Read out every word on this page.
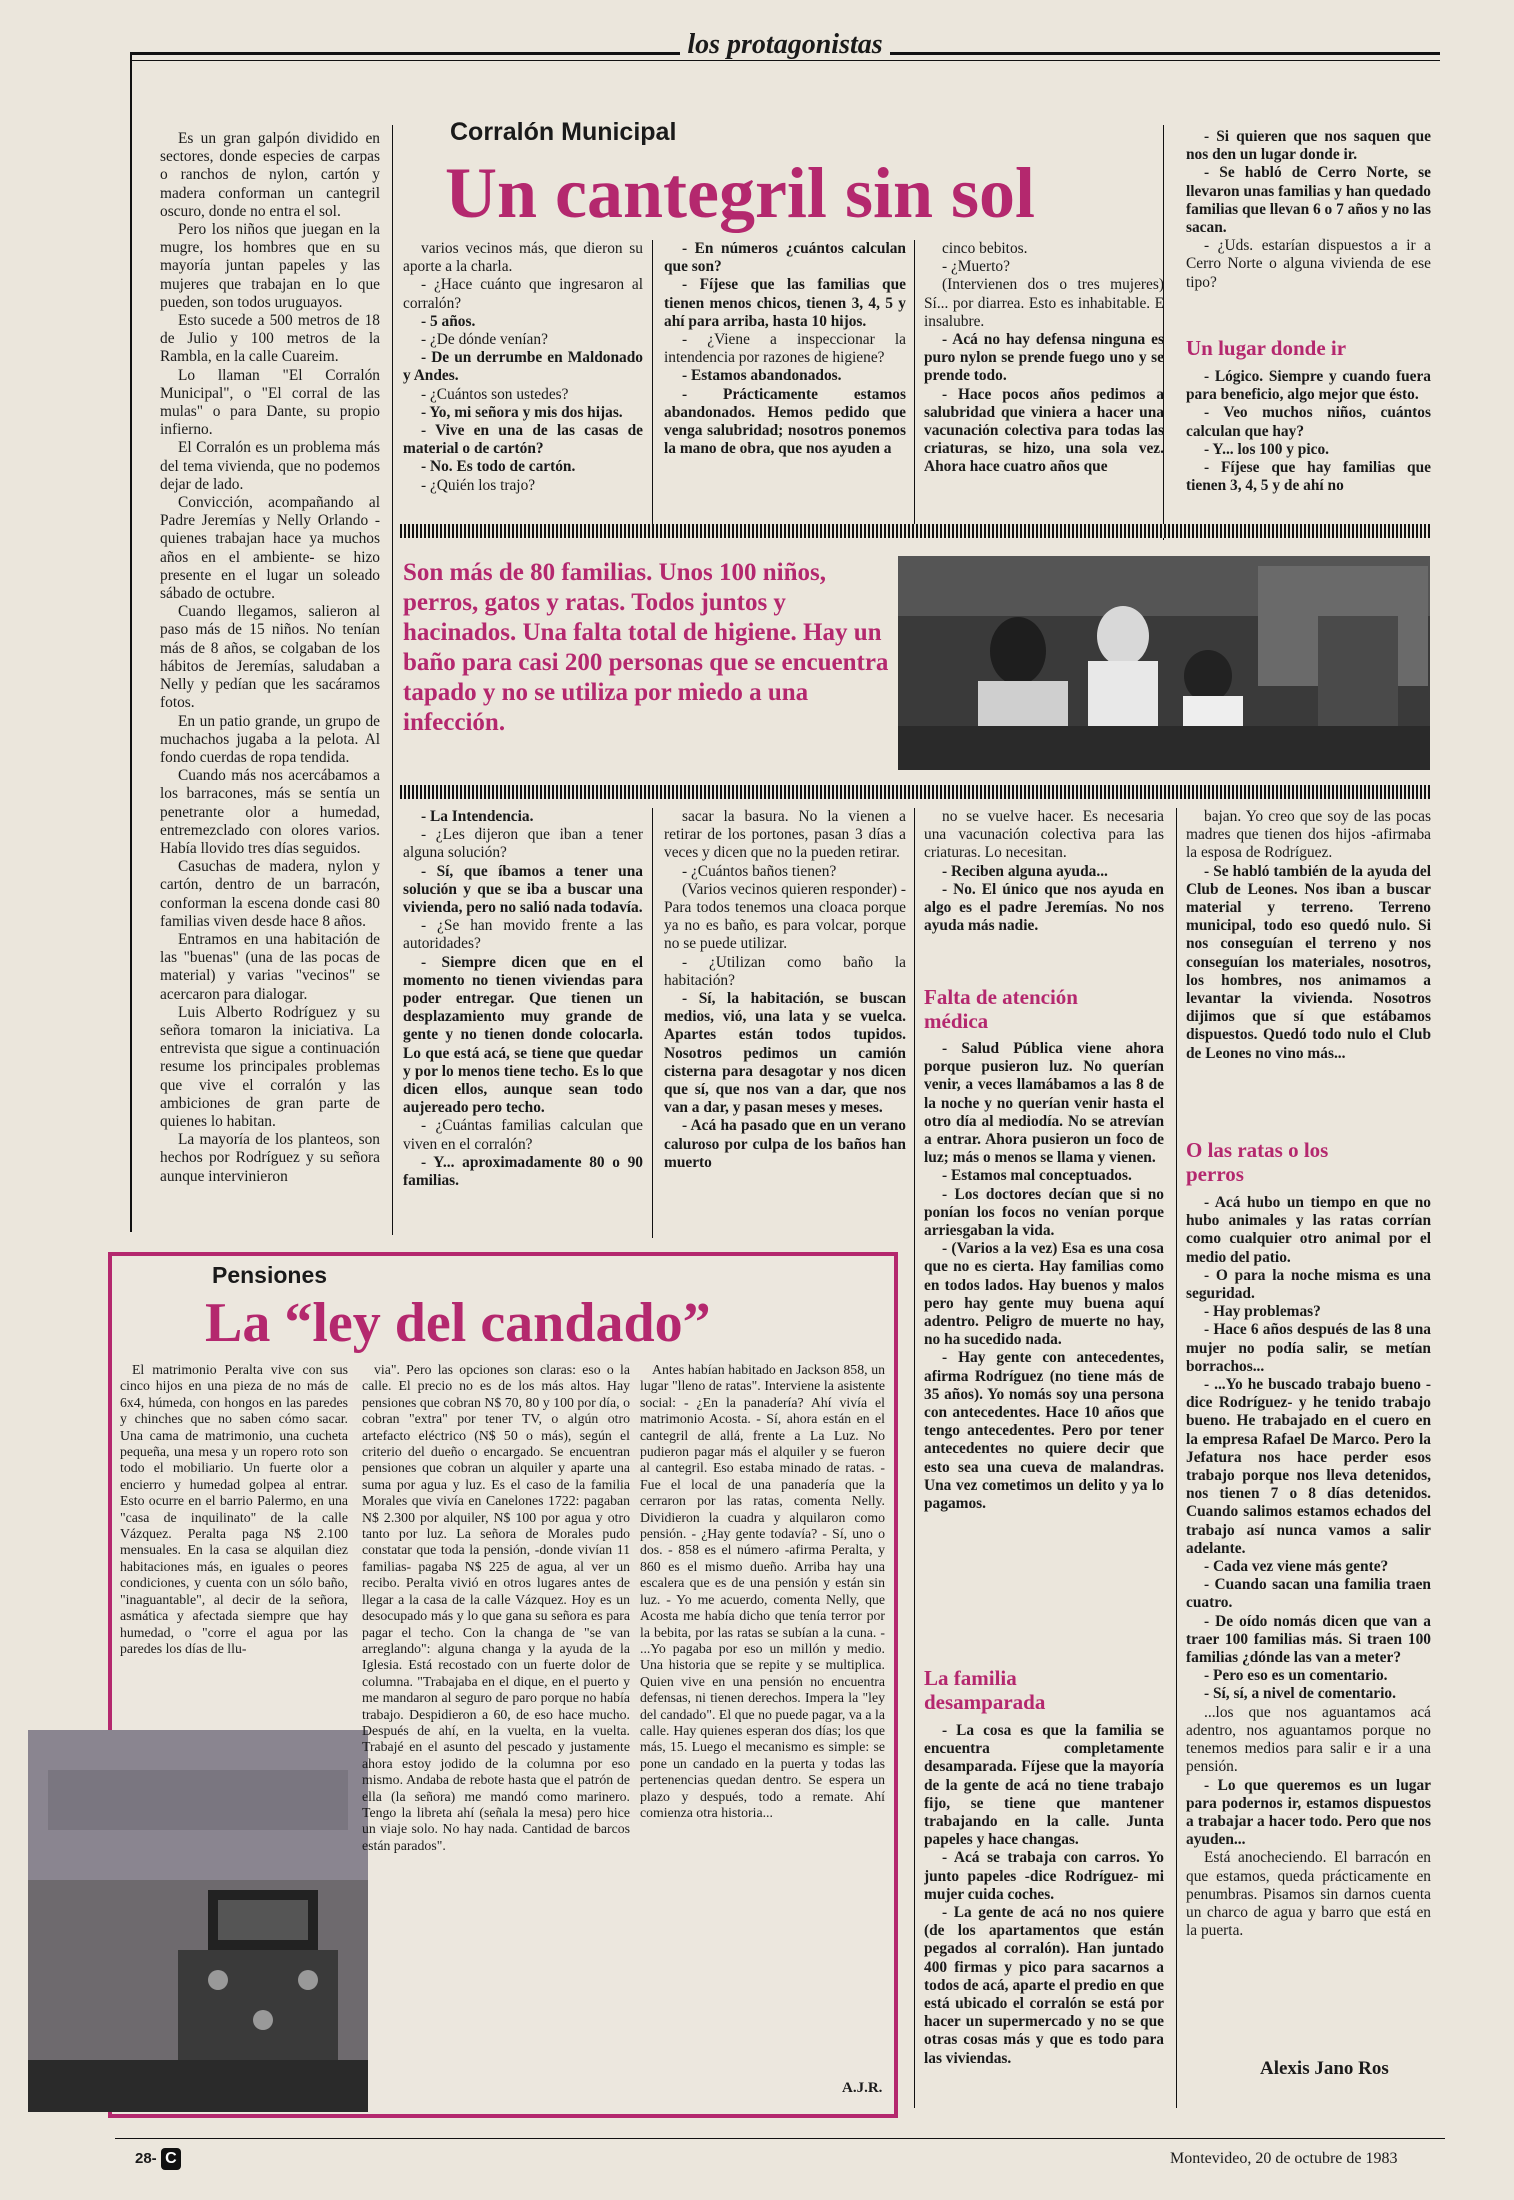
los protagonistas

Es un gran galpón dividido en sectores, donde especies de carpas o ranchos de nylon, cartón y madera conforman un cantegril oscuro, donde no entra el sol.

Pero los niños que juegan en la mugre, los hombres que en su mayoría juntan papeles y las mujeres que trabajan en lo que pueden, son todos uruguayos.

Esto sucede a 500 metros de 18 de Julio y 100 metros de la Rambla, en la calle Cuareim.

Lo llaman "El Corralón Municipal", o "El corral de las mulas" o para Dante, su propio infierno.

El Corralón es un problema más del tema vivienda, que no podemos dejar de lado.

Convicción, acompañando al Padre Jeremías y Nelly Orlando -quienes trabajan hace ya muchos años en el ambiente- se hizo presente en el lugar un soleado sábado de octubre.

Cuando llegamos, salieron al paso más de 15 niños. No tenían más de 8 años, se colgaban de los hábitos de Jeremías, saludaban a Nelly y pedían que les sacáramos fotos.

En un patio grande, un grupo de muchachos jugaba a la pelota. Al fondo cuerdas de ropa tendida.

Cuando más nos acercábamos a los barracones, más se sentía un penetrante olor a humedad, entremezclado con olores varios. Había llovido tres días seguidos.

Casuchas de madera, nylon y cartón, dentro de un barracón, conforman la escena donde casi 80 familias viven desde hace 8 años.

Entramos en una habitación de las "buenas" (una de las pocas de material) y varias "vecinos" se acercaron para dialogar.

Luis Alberto Rodríguez y su señora tomaron la iniciativa. La entrevista que sigue a continuación resume los principales problemas que vive el corralón y las ambiciones de gran parte de quienes lo habitan.

La mayoría de los planteos, son hechos por Rodríguez y su señora aunque intervinieron

Corralón Municipal
Un cantegril sin sol

varios vecinos más, que dieron su aporte a la charla.

- ¿Hace cuánto que ingresaron al corralón?

- 5 años.

- ¿De dónde venían?

- De un derrumbe en Maldonado y Andes.

- ¿Cuántos son ustedes?

- Yo, mi señora y mis dos hijas.

- Vive en una de las casas de material o de cartón?

- No. Es todo de cartón.

- ¿Quién los trajo?

- En números ¿cuántos calculan que son?

- Fíjese que las familias que tienen menos chicos, tienen 3, 4, 5 y ahí para arriba, hasta 10 hijos.

- ¿Viene a inspeccionar la intendencia por razones de higiene?

- Estamos abandonados.

- Prácticamente estamos abandonados. Hemos pedido que venga salubridad; nosotros ponemos la mano de obra, que nos ayuden a

cinco bebitos.

- ¿Muerto?

(Intervienen dos o tres mujeres) Sí... por diarrea. Esto es inhabitable. E insalubre.

- Acá no hay defensa ninguna es puro nylon se prende fuego uno y se prende todo.

- Hace pocos años pedimos a salubridad que viniera a hacer una vacunación colectiva para todas las criaturas, se hizo, una sola vez. Ahora hace cuatro años que

- Si quieren que nos saquen que nos den un lugar donde ir.

- Se habló de Cerro Norte, se llevaron unas familias y han quedado familias que llevan 6 o 7 años y no las sacan.

- ¿Uds. estarían dispuestos a ir a Cerro Norte o alguna vivienda de ese tipo?

Un lugar donde ir

- Lógico. Siempre y cuando fuera para beneficio, algo mejor que ésto.

- Veo muchos niños, cuántos calculan que hay?

- Y... los 100 y pico.

- Fíjese que hay familias que tienen 3, 4, 5 y de ahí no

Son más de 80 familias. Unos 100 niños, perros, gatos y ratas. Todos juntos y hacinados. Una falta total de higiene. Hay un baño para casi 200 personas que se encuentra tapado y no se utiliza por miedo a una infección.

- La Intendencia.

- ¿Les dijeron que iban a tener alguna solución?

- Sí, que íbamos a tener una solución y que se iba a buscar una vivienda, pero no salió nada todavía.

- ¿Se han movido frente a las autoridades?

- Siempre dicen que en el momento no tienen viviendas para poder entregar. Que tienen un desplazamiento muy grande de gente y no tienen donde colocarla. Lo que está acá, se tiene que quedar y por lo menos tiene techo. Es lo que dicen ellos, aunque sean todo aujereado pero techo.

- ¿Cuántas familias calculan que viven en el corralón?

- Y... aproximadamente 80 o 90 familias.

sacar la basura. No la vienen a retirar de los portones, pasan 3 días a veces y dicen que no la pueden retirar.

- ¿Cuántos baños tienen?

(Varios vecinos quieren responder) -Para todos tenemos una cloaca porque ya no es baño, es para volcar, porque no se puede utilizar.

- ¿Utilizan como baño la habitación?

- Sí, la habitación, se buscan medios, vió, una lata y se vuelca. Apartes están todos tupidos. Nosotros pedimos un camión cisterna para desagotar y nos dicen que sí, que nos van a dar, que nos van a dar, y pasan meses y meses.

- Acá ha pasado que en un verano caluroso por culpa de los baños han muerto

no se vuelve hacer. Es necesaria una vacunación colectiva para las criaturas. Lo necesitan.

- Reciben alguna ayuda...

- No. El único que nos ayuda en algo es el padre Jeremías. No nos ayuda más nadie.

Falta de atención médica

- Salud Pública viene ahora porque pusieron luz. No querían venir, a veces llamábamos a las 8 de la noche y no querían venir hasta el otro día al mediodía. No se atrevían a entrar. Ahora pusieron un foco de luz; más o menos se llama y vienen.

- Estamos mal conceptuados.

- Los doctores decían que si no ponían los focos no venían porque arriesgaban la vida.

- (Varios a la vez) Esa es una cosa que no es cierta. Hay familias como en todos lados. Hay buenos y malos pero hay gente muy buena aquí adentro. Peligro de muerte no hay, no ha sucedido nada.

- Hay gente con antecedentes, afirma Rodríguez (no tiene más de 35 años). Yo nomás soy una persona con antecedentes. Hace 10 años que tengo antecedentes. Pero por tener antecedentes no quiere decir que esto sea una cueva de malandras. Una vez cometimos un delito y ya lo pagamos.

La familia desamparada

- La cosa es que la familia se encuentra completamente desamparada. Fíjese que la mayoría de la gente de acá no tiene trabajo fijo, se tiene que mantener trabajando en la calle. Junta papeles y hace changas.

- Acá se trabaja con carros. Yo junto papeles -dice Rodríguez- mi mujer cuida coches.

- La gente de acá no nos quiere (de los apartamentos que están pegados al corralón). Han juntado 400 firmas y pico para sacarnos a todos de acá, aparte el predio en que está ubicado el corralón se está por hacer un supermercado y no se que otras cosas más y que es todo para las viviendas.

bajan. Yo creo que soy de las pocas madres que tienen dos hijos -afirmaba la esposa de Rodríguez.

- Se habló también de la ayuda del Club de Leones. Nos iban a buscar material y terreno. Terreno municipal, todo eso quedó nulo. Si nos conseguían el terreno y nos conseguían los materiales, nosotros, los hombres, nos animamos a levantar la vivienda. Nosotros dijimos que sí que estábamos dispuestos. Quedó todo nulo el Club de Leones no vino más...

O las ratas o los perros

- Acá hubo un tiempo en que no hubo animales y las ratas corrían como cualquier otro animal por el medio del patio.

- O para la noche misma es una seguridad.

- Hay problemas?

- Hace 6 años después de las 8 una mujer no podía salir, se metían borrachos...

- ...Yo he buscado trabajo bueno -dice Rodríguez- y he tenido trabajo bueno. He trabajado en el cuero en la empresa Rafael De Marco. Pero la Jefatura nos hace perder esos trabajo porque nos lleva detenidos, nos tienen 7 o 8 días detenidos. Cuando salimos estamos echados del trabajo así nunca vamos a salir adelante.

- Cada vez viene más gente?

- Cuando sacan una familia traen cuatro.

- De oído nomás dicen que van a traer 100 familias más. Si traen 100 familias ¿dónde las van a meter?

- Pero eso es un comentario.

- Sí, sí, a nivel de comentario.

...los que nos aguantamos acá adentro, nos aguantamos porque no tenemos medios para salir e ir a una pensión.

- Lo que queremos es un lugar para podernos ir, estamos dispuestos a trabajar a hacer todo. Pero que nos ayuden...

Está anocheciendo. El barracón en que estamos, queda prácticamente en penumbras. Pisamos sin darnos cuenta un charco de agua y barro que está en la puerta.

Alexis Jano Ros
Pensiones
La “ley del candado”

El matrimonio Peralta vive con sus cinco hijos en una pieza de no más de 6x4, húmeda, con hongos en las paredes y chinches que no saben cómo sacar. Una cama de matrimonio, una cucheta pequeña, una mesa y un ropero roto son todo el mobiliario. Un fuerte olor a encierro y humedad golpea al entrar. Esto ocurre en el barrio Palermo, en una "casa de inquilinato" de la calle Vázquez. Peralta paga N$ 2.100 mensuales. En la casa se alquilan diez habitaciones más, en iguales o peores condiciones, y cuenta con un sólo baño, "inaguantable", al decir de la señora, asmática y afectada siempre que hay humedad, o "corre el agua por las paredes los días de llu-

via". Pero las opciones son claras: eso o la calle. El precio no es de los más altos. Hay pensiones que cobran N$ 70, 80 y 100 por día, o cobran "extra" por tener TV, o algún otro artefacto eléctrico (N$ 50 o más), según el criterio del dueño o encargado. Se encuentran pensiones que cobran un alquiler y aparte una suma por agua y luz. Es el caso de la familia Morales que vivía en Canelones 1722: pagaban N$ 2.300 por alquiler, N$ 100 por agua y otro tanto por luz. La señora de Morales pudo constatar que toda la pensión, -donde vivían 11 familias- pagaba N$ 225 de agua, al ver un recibo. Peralta vivió en otros lugares antes de llegar a la casa de la calle Vázquez. Hoy es un desocupado más y lo que gana su señora es para pagar el techo. Con la changa de "se van arreglando": alguna changa y la ayuda de la Iglesia. Está recostado con un fuerte dolor de columna. "Trabajaba en el dique, en el puerto y me mandaron al seguro de paro porque no había trabajo. Despidieron a 60, de eso hace mucho. Después de ahí, en la vuelta, en la vuelta. Trabajé en el asunto del pescado y justamente ahora estoy jodido de la columna por eso mismo. Andaba de rebote hasta que el patrón de ella (la señora) me mandó como marinero. Tengo la libreta ahí (señala la mesa) pero hice un viaje solo. No hay nada. Cantidad de barcos están parados".

Antes habían habitado en Jackson 858, un lugar "lleno de ratas". Interviene la asistente social: - ¿En la panadería? Ahí vivía el matrimonio Acosta. - Sí, ahora están en el cantegril de allá, frente a La Luz. No pudieron pagar más el alquiler y se fueron al cantegril. Eso estaba minado de ratas. - Fue el local de una panadería que la cerraron por las ratas, comenta Nelly. Dividieron la cuadra y alquilaron como pensión. - ¿Hay gente todavía? - Sí, uno o dos. - 858 es el número -afirma Peralta, y 860 es el mismo dueño. Arriba hay una escalera que es de una pensión y están sin luz. - Yo me acuerdo, comenta Nelly, que Acosta me había dicho que tenía terror por la bebita, por las ratas se subían a la cuna. - ...Yo pagaba por eso un millón y medio. Una historia que se repite y se multiplica. Quien vive en una pensión no encuentra defensas, ni tienen derechos. Impera la "ley del candado". El que no puede pagar, va a la calle. Hay quienes esperan dos días; los que más, 15. Luego el mecanismo es simple: se pone un candado en la puerta y todas las pertenencias quedan dentro. Se espera un plazo y después, todo a remate. Ahí comienza otra historia...

A.J.R.
28- C	Montevideo, 20 de octubre de 1983
